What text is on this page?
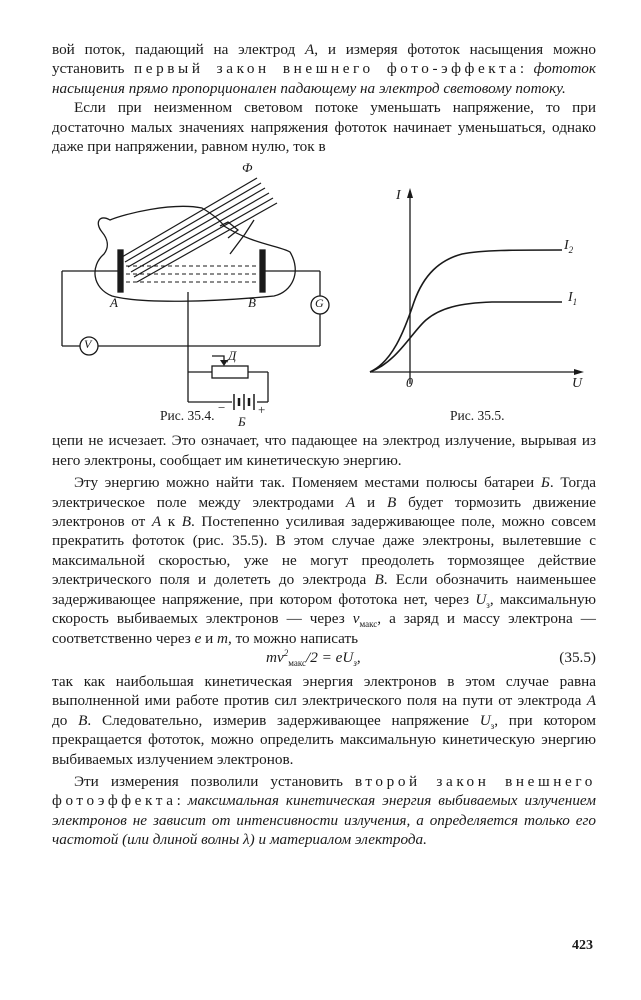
вой поток, падающий на электрод A, и измеряя фототок насыщения можно установить первый закон внешнего фото-эффекта: фототок насыщения прямо пропорционален падающему на электрод световому потоку.

Если при неизменном световом потоке уменьшать напряжение, то при достаточно малых значениях напряжения фототок начинает уменьшаться, однако даже при напряжении, равном нулю, ток в

Ф
A	B
V
G
Д
Б
−	+
Рис. 35.4.
I
U
0
$I_2$
$I_1$
Рис. 35.5.

цепи не исчезает. Это означает, что падающее на электрод излучение, вырывая из него электроны, сообщает им кинетическую энергию.

Эту энергию можно найти так. Поменяем местами полюсы батареи Б. Тогда электрическое поле между электродами A и B будет тормозить движение электронов от A к B. Постепенно усиливая задерживающее поле, можно совсем прекратить фототок (рис. 35.5). В этом случае даже электроны, вылетевшие с максимальной скоростью, уже не могут преодолеть тормозящее действие электрического поля и долететь до электрода B. Если обозначить наименьшее задерживающее напряжение, при котором фототока нет, через $U_з$, максимальную скорость выбиваемых электронов — через $v_{макс}$, а заряд и массу электрона — соответственно через e и m, то можно написать

$mv^2_{макс}/2 = eU_з$,	(35.5)

так как наибольшая кинетическая энергия электронов в этом случае равна выполненной ими работе против сил электрического поля на пути от электрода A до B. Следовательно, измерив задерживающее напряжение $U_з$, при котором прекращается фототок, можно определить максимальную кинетическую энергию выбиваемых излучением электронов.

Эти измерения позволили установить второй закон внешнего фотоэффекта: максимальная кинетическая энергия выбиваемых излучением электронов не зависит от интенсивности излучения, а определяется только его частотой (или длиной волны λ) и материалом электрода.

423
